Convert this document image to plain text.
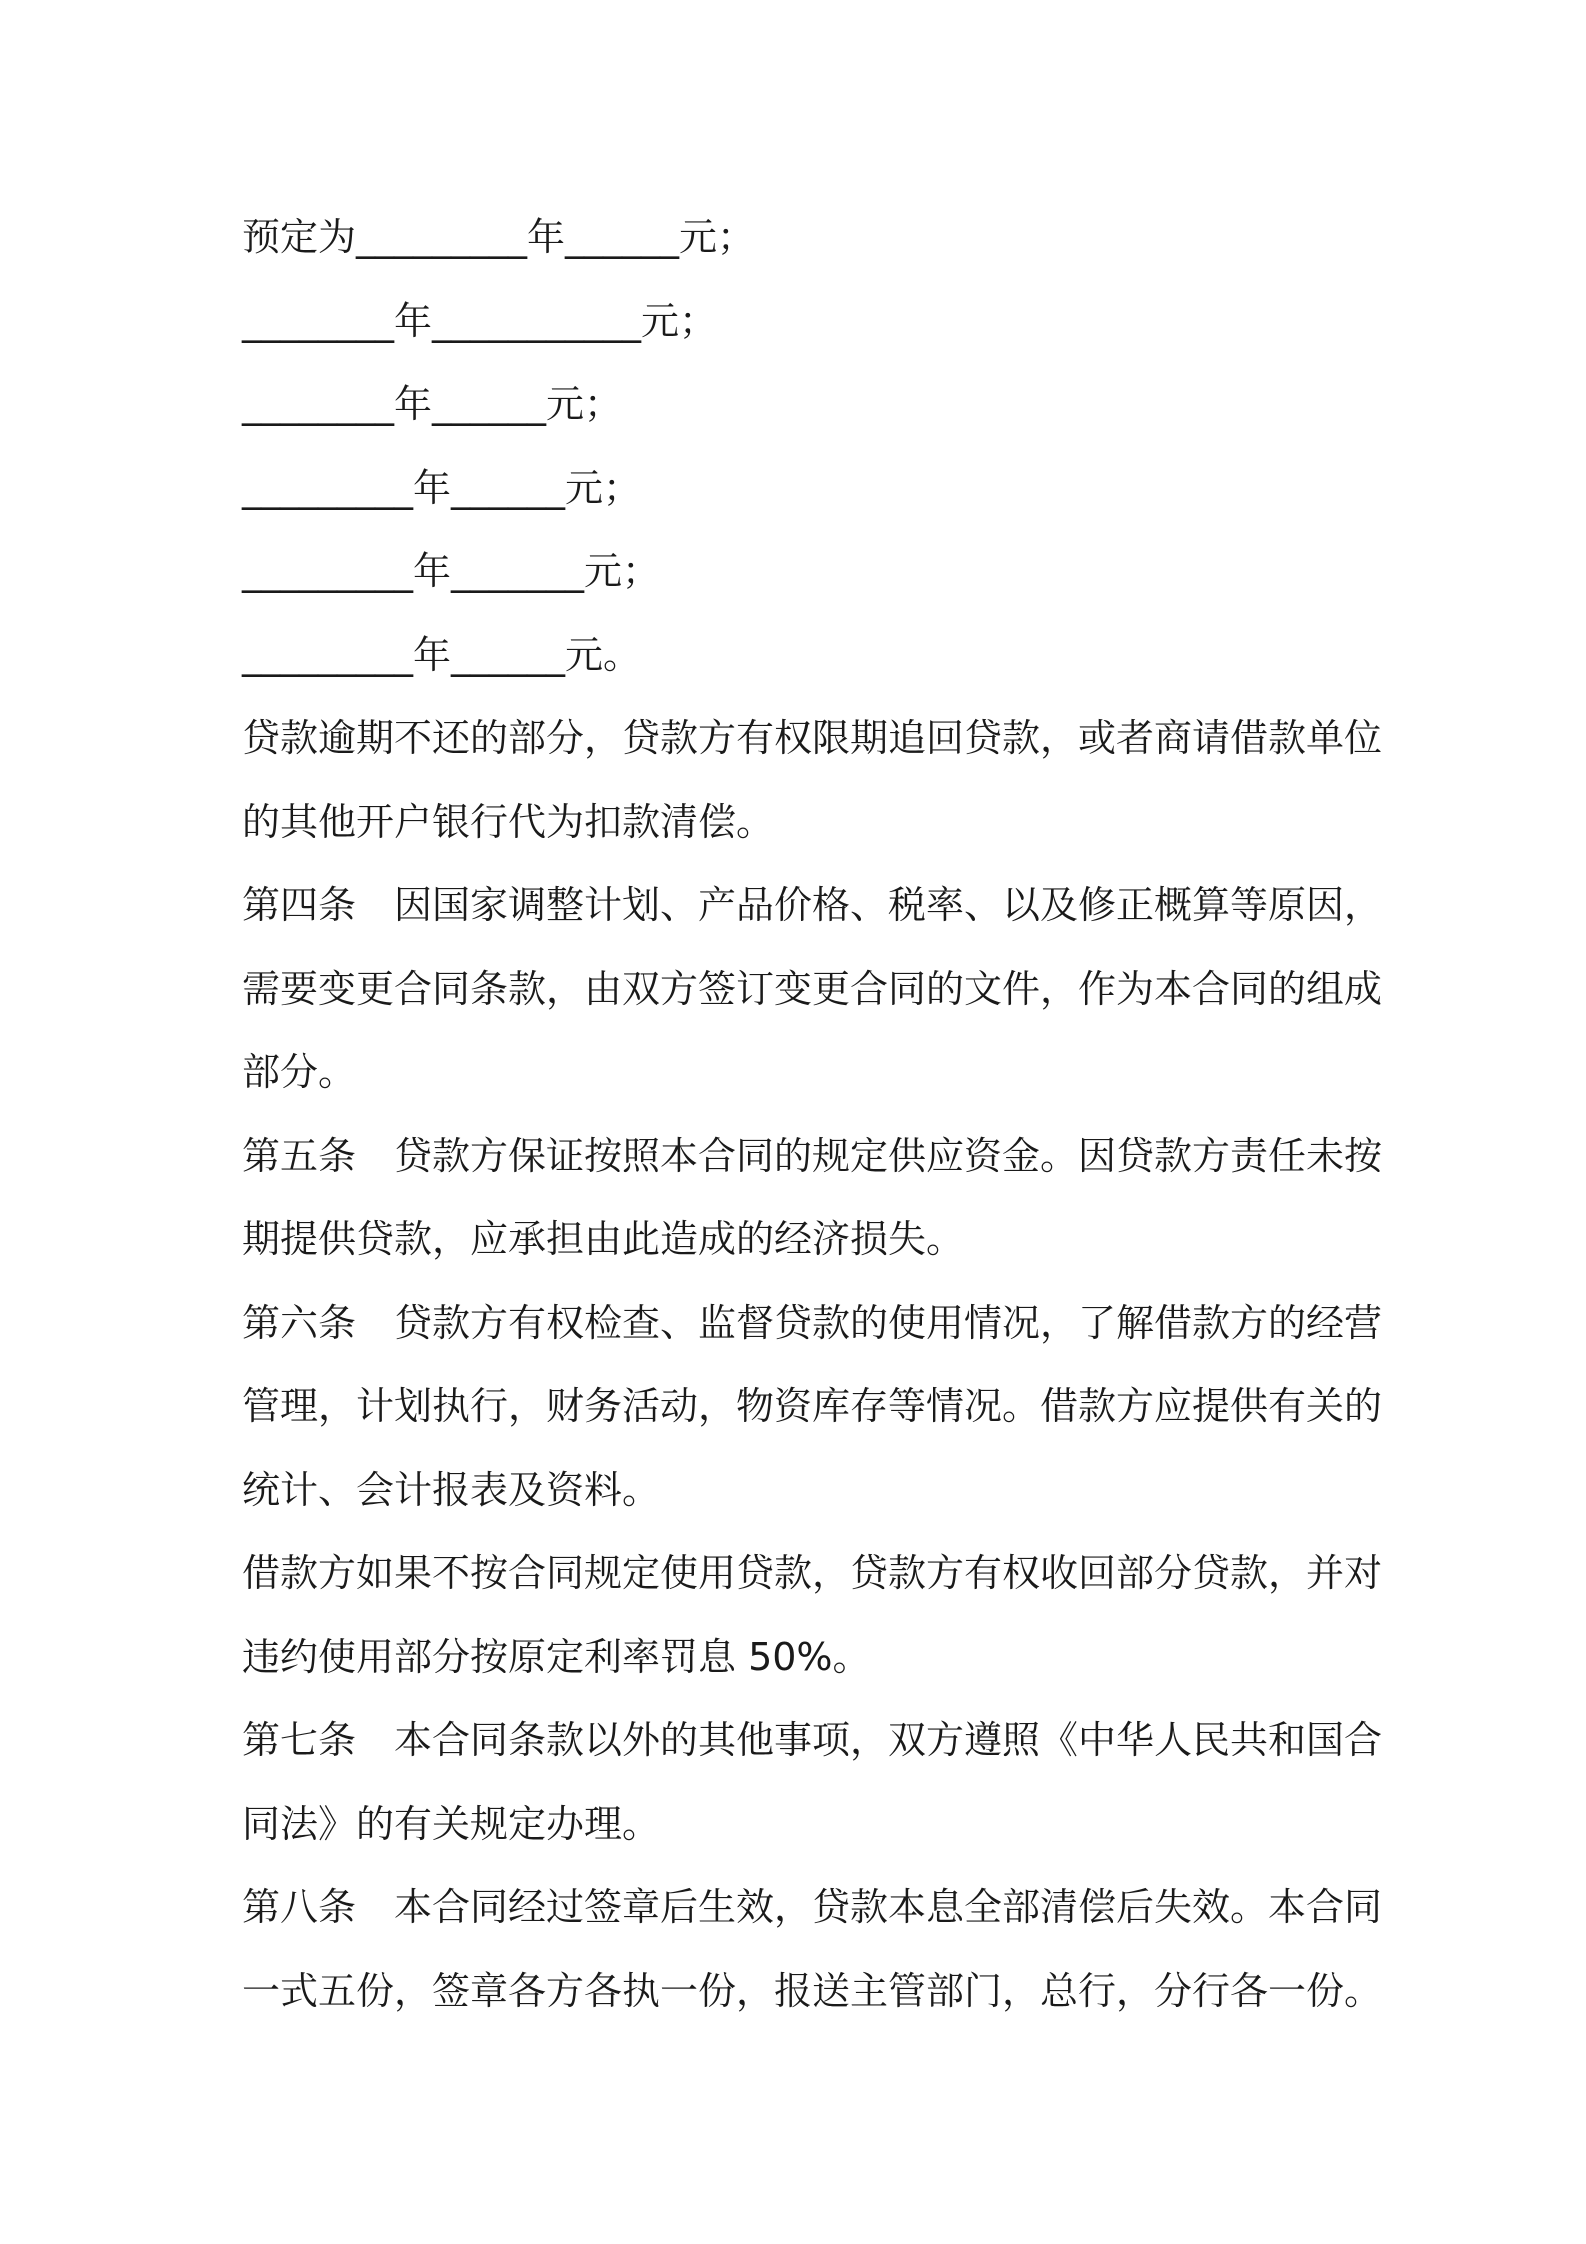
预定为_________年______元；
________年___________元；
________年______元；
_________年______元；
_________年_______元；
_________年______元。
贷款逾期不还的部分，贷款方有权限期追回贷款，或者商请借款单位
的其他开户银行代为扣款清偿。
第四条　因国家调整计划、产品价格、税率、以及修正概算等原因，
需要变更合同条款，由双方签订变更合同的文件，作为本合同的组成
部分。
第五条　贷款方保证按照本合同的规定供应资金。因贷款方责任未按
期提供贷款，应承担由此造成的经济损失。
第六条　贷款方有权检查、监督贷款的使用情况，了解借款方的经营
管理，计划执行，财务活动，物资库存等情况。借款方应提供有关的
统计、会计报表及资料。
借款方如果不按合同规定使用贷款，贷款方有权收回部分贷款，并对
违约使用部分按原定利率罚息 50%。
第七条　本合同条款以外的其他事项，双方遵照《中华人民共和国合
同法》的有关规定办理。
第八条　本合同经过签章后生效，贷款本息全部清偿后失效。本合同
一式五份，签章各方各执一份，报送主管部门，总行，分行各一份。
